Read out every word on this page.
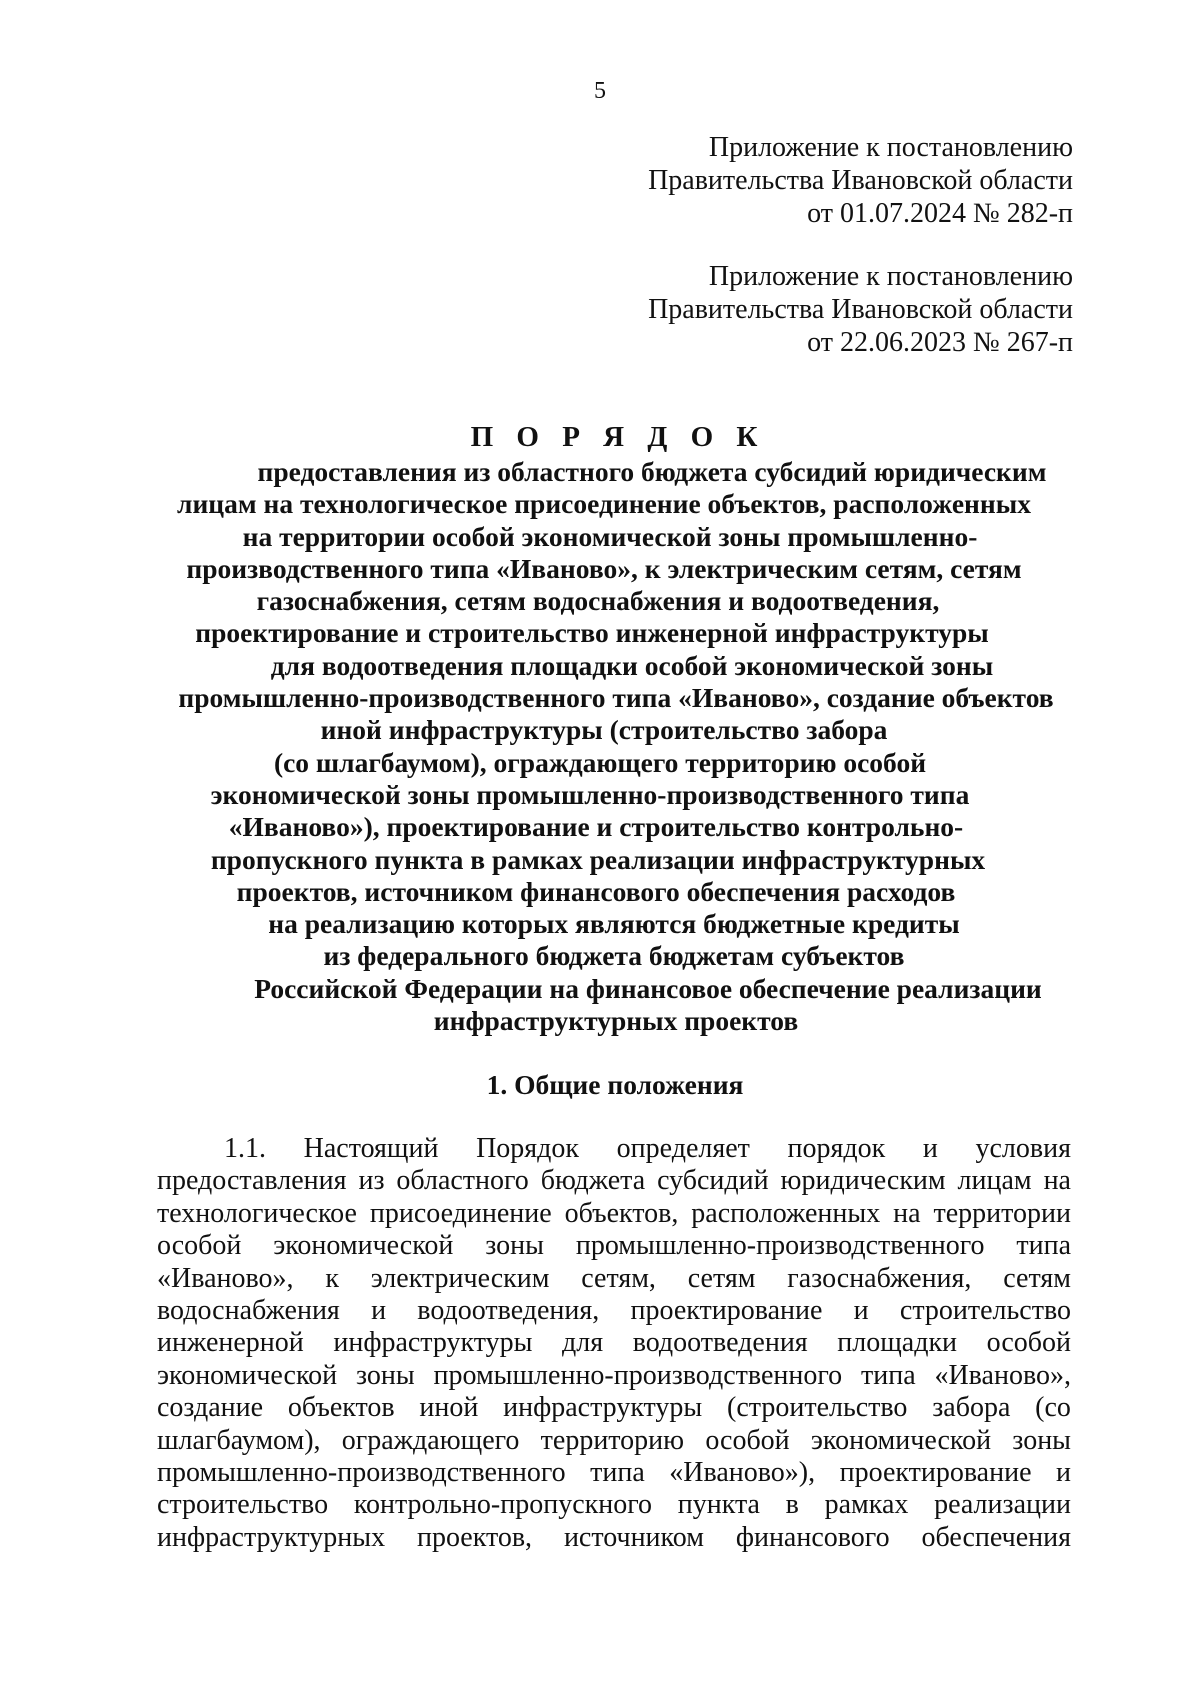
5
Приложение к постановлению
Правительства Ивановской области
от 01.07.2024 № 282-п
Приложение к постановлению
Правительства Ивановской области
от 22.06.2023 № 267-п
П О Р Я Д О К
предоставления из областного бюджета субсидий юридическим
лицам на технологическое присоединение объектов, расположенных
на территории особой экономической зоны промышленно-
производственного типа «Иваново», к электрическим сетям, сетям
газоснабжения, сетям водоснабжения и водоотведения,
проектирование и строительство инженерной инфраструктуры
для водоотведения площадки особой экономической зоны
промышленно-производственного типа «Иваново», создание объектов
иной инфраструктуры (строительство забора
(со шлагбаумом), ограждающего территорию особой
экономической зоны промышленно-производственного типа
«Иваново»), проектирование и строительство контрольно-
пропускного пункта в рамках реализации инфраструктурных
проектов, источником финансового обеспечения расходов
на реализацию которых являются бюджетные кредиты
из федерального бюджета бюджетам субъектов
Российской Федерации на финансовое обеспечение реализации
инфраструктурных проектов
1. Общие положения
1.1. Настоящий Порядок определяет порядок и условия
предоставления из областного бюджета субсидий юридическим лицам на
технологическое присоединение объектов, расположенных на территории
особой экономической зоны промышленно-производственного типа
«Иваново», к электрическим сетям, сетям газоснабжения, сетям
водоснабжения и водоотведения, проектирование и строительство
инженерной инфраструктуры для водоотведения площадки особой
экономической зоны промышленно-производственного типа «Иваново»,
создание объектов иной инфраструктуры (строительство забора (со
шлагбаумом), ограждающего территорию особой экономической зоны
промышленно-производственного типа «Иваново»), проектирование и
строительство контрольно-пропускного пункта в рамках реализации
инфраструктурных проектов, источником финансового обеспечения
